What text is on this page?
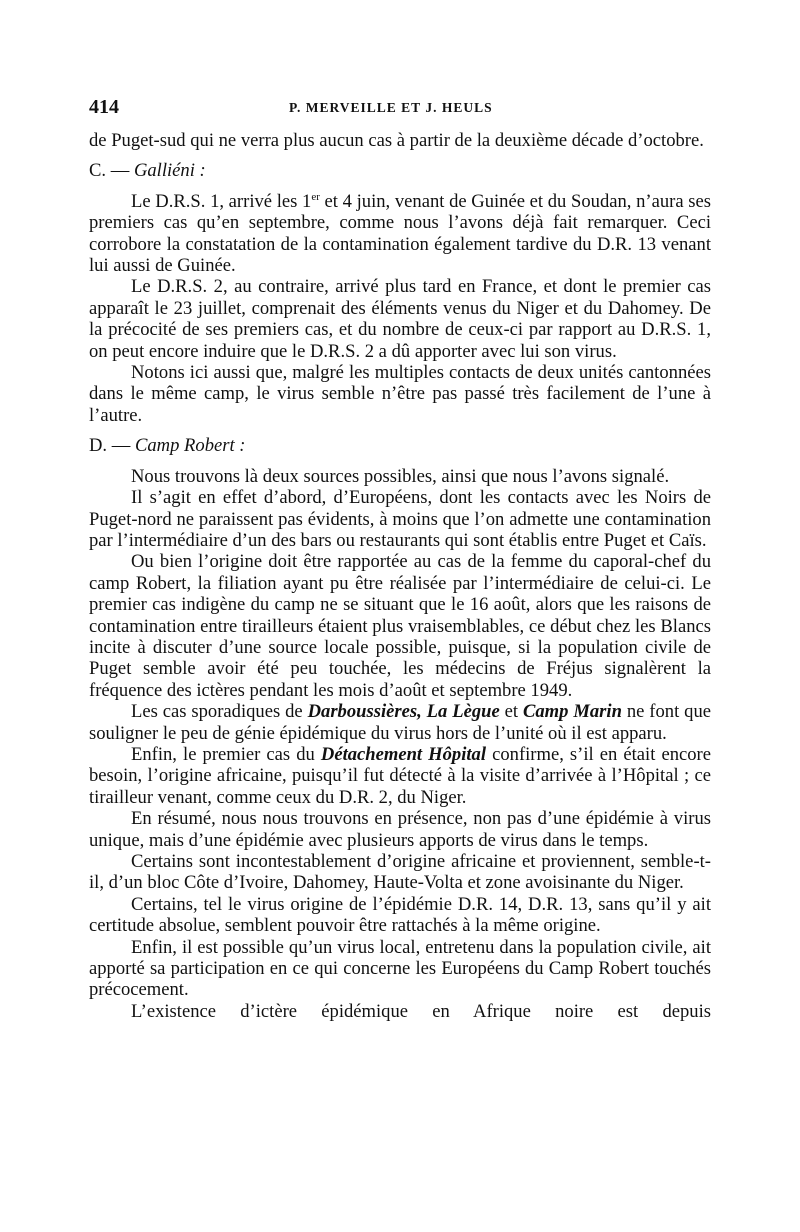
414	P. MERVEILLE ET J. HEULS

de Puget-sud qui ne verra plus aucun cas à partir de la deuxième décade d’octobre.

C. — Galliéni :

Le D.R.S. 1, arrivé les 1er et 4 juin, venant de Guinée et du Soudan, n’aura ses premiers cas qu’en septembre, comme nous l’avons déjà fait remarquer. Ceci corrobore la constatation de la contamination également tardive du D.R. 13 venant lui aussi de Guinée.

Le D.R.S. 2, au contraire, arrivé plus tard en France, et dont le premier cas apparaît le 23 juillet, comprenait des éléments venus du Niger et du Dahomey. De la précocité de ses premiers cas, et du nombre de ceux-ci par rapport au D.R.S. 1, on peut encore induire que le D.R.S. 2 a dû apporter avec lui son virus.

Notons ici aussi que, malgré les multiples contacts de deux unités cantonnées dans le même camp, le virus semble n’être pas passé très facilement de l’une à l’autre.

D. — Camp Robert :

Nous trouvons là deux sources possibles, ainsi que nous l’avons signalé.

Il s’agit en effet d’abord, d’Européens, dont les contacts avec les Noirs de Puget-nord ne paraissent pas évidents, à moins que l’on admette une contamination par l’intermédiaire d’un des bars ou restaurants qui sont établis entre Puget et Caïs.

Ou bien l’origine doit être rapportée au cas de la femme du caporal-chef du camp Robert, la filiation ayant pu être réalisée par l’intermédiaire de celui-ci. Le premier cas indigène du camp ne se situant que le 16 août, alors que les raisons de contamination entre tirailleurs étaient plus vraisemblables, ce début chez les Blancs incite à discuter d’une source locale possible, puisque, si la population civile de Puget semble avoir été peu touchée, les médecins de Fréjus signalèrent la fréquence des ictères pendant les mois d’août et septembre 1949.

Les cas sporadiques de Darboussières, La Lègue et Camp Marin ne font que souligner le peu de génie épidémique du virus hors de l’unité où il est apparu.

Enfin, le premier cas du Détachement Hôpital confirme, s’il en était encore besoin, l’origine africaine, puisqu’il fut détecté à la visite d’arrivée à l’Hôpital ; ce tirailleur venant, comme ceux du D.R. 2, du Niger.

En résumé, nous nous trouvons en présence, non pas d’une épidémie à virus unique, mais d’une épidémie avec plusieurs apports de virus dans le temps.

Certains sont incontestablement d’origine africaine et proviennent, semble-t-il, d’un bloc Côte d’Ivoire, Dahomey, Haute-Volta et zone avoisinante du Niger.

Certains, tel le virus origine de l’épidémie D.R. 14, D.R. 13, sans qu’il y ait certitude absolue, semblent pouvoir être rattachés à la même origine.

Enfin, il est possible qu’un virus local, entretenu dans la population civile, ait apporté sa participation en ce qui concerne les Européens du Camp Robert touchés précocement.

L’existence d’ictère épidémique en Afrique noire est depuis
